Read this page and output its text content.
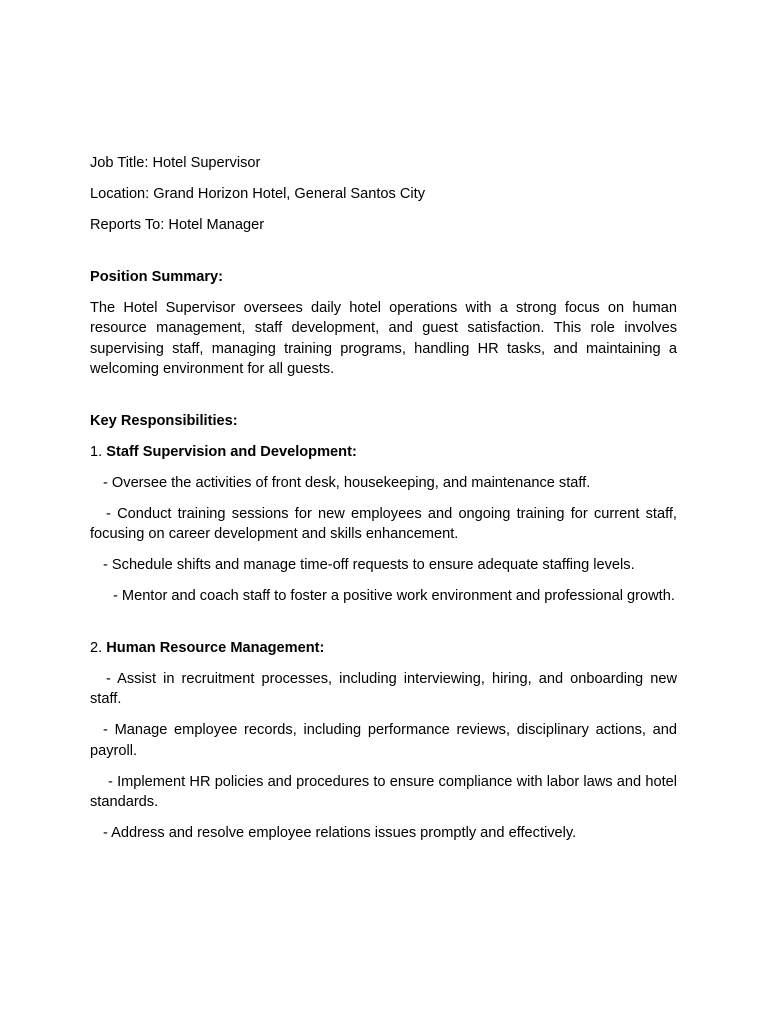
Job Title: Hotel Supervisor
Location: Grand Horizon Hotel, General Santos City
Reports To: Hotel Manager
Position Summary:
The Hotel Supervisor oversees daily hotel operations with a strong focus on human resource management, staff development, and guest satisfaction. This role involves supervising staff, managing training programs, handling HR tasks, and maintaining a welcoming environment for all guests.
Key Responsibilities:
1. Staff Supervision and Development:
- Oversee the activities of front desk, housekeeping, and maintenance staff.
- Conduct training sessions for new employees and ongoing training for current staff, focusing on career development and skills enhancement.
- Schedule shifts and manage time-off requests to ensure adequate staffing levels.
- Mentor and coach staff to foster a positive work environment and professional growth.
2. Human Resource Management:
- Assist in recruitment processes, including interviewing, hiring, and onboarding new staff.
- Manage employee records, including performance reviews, disciplinary actions, and payroll.
- Implement HR policies and procedures to ensure compliance with labor laws and hotel standards.
- Address and resolve employee relations issues promptly and effectively.
